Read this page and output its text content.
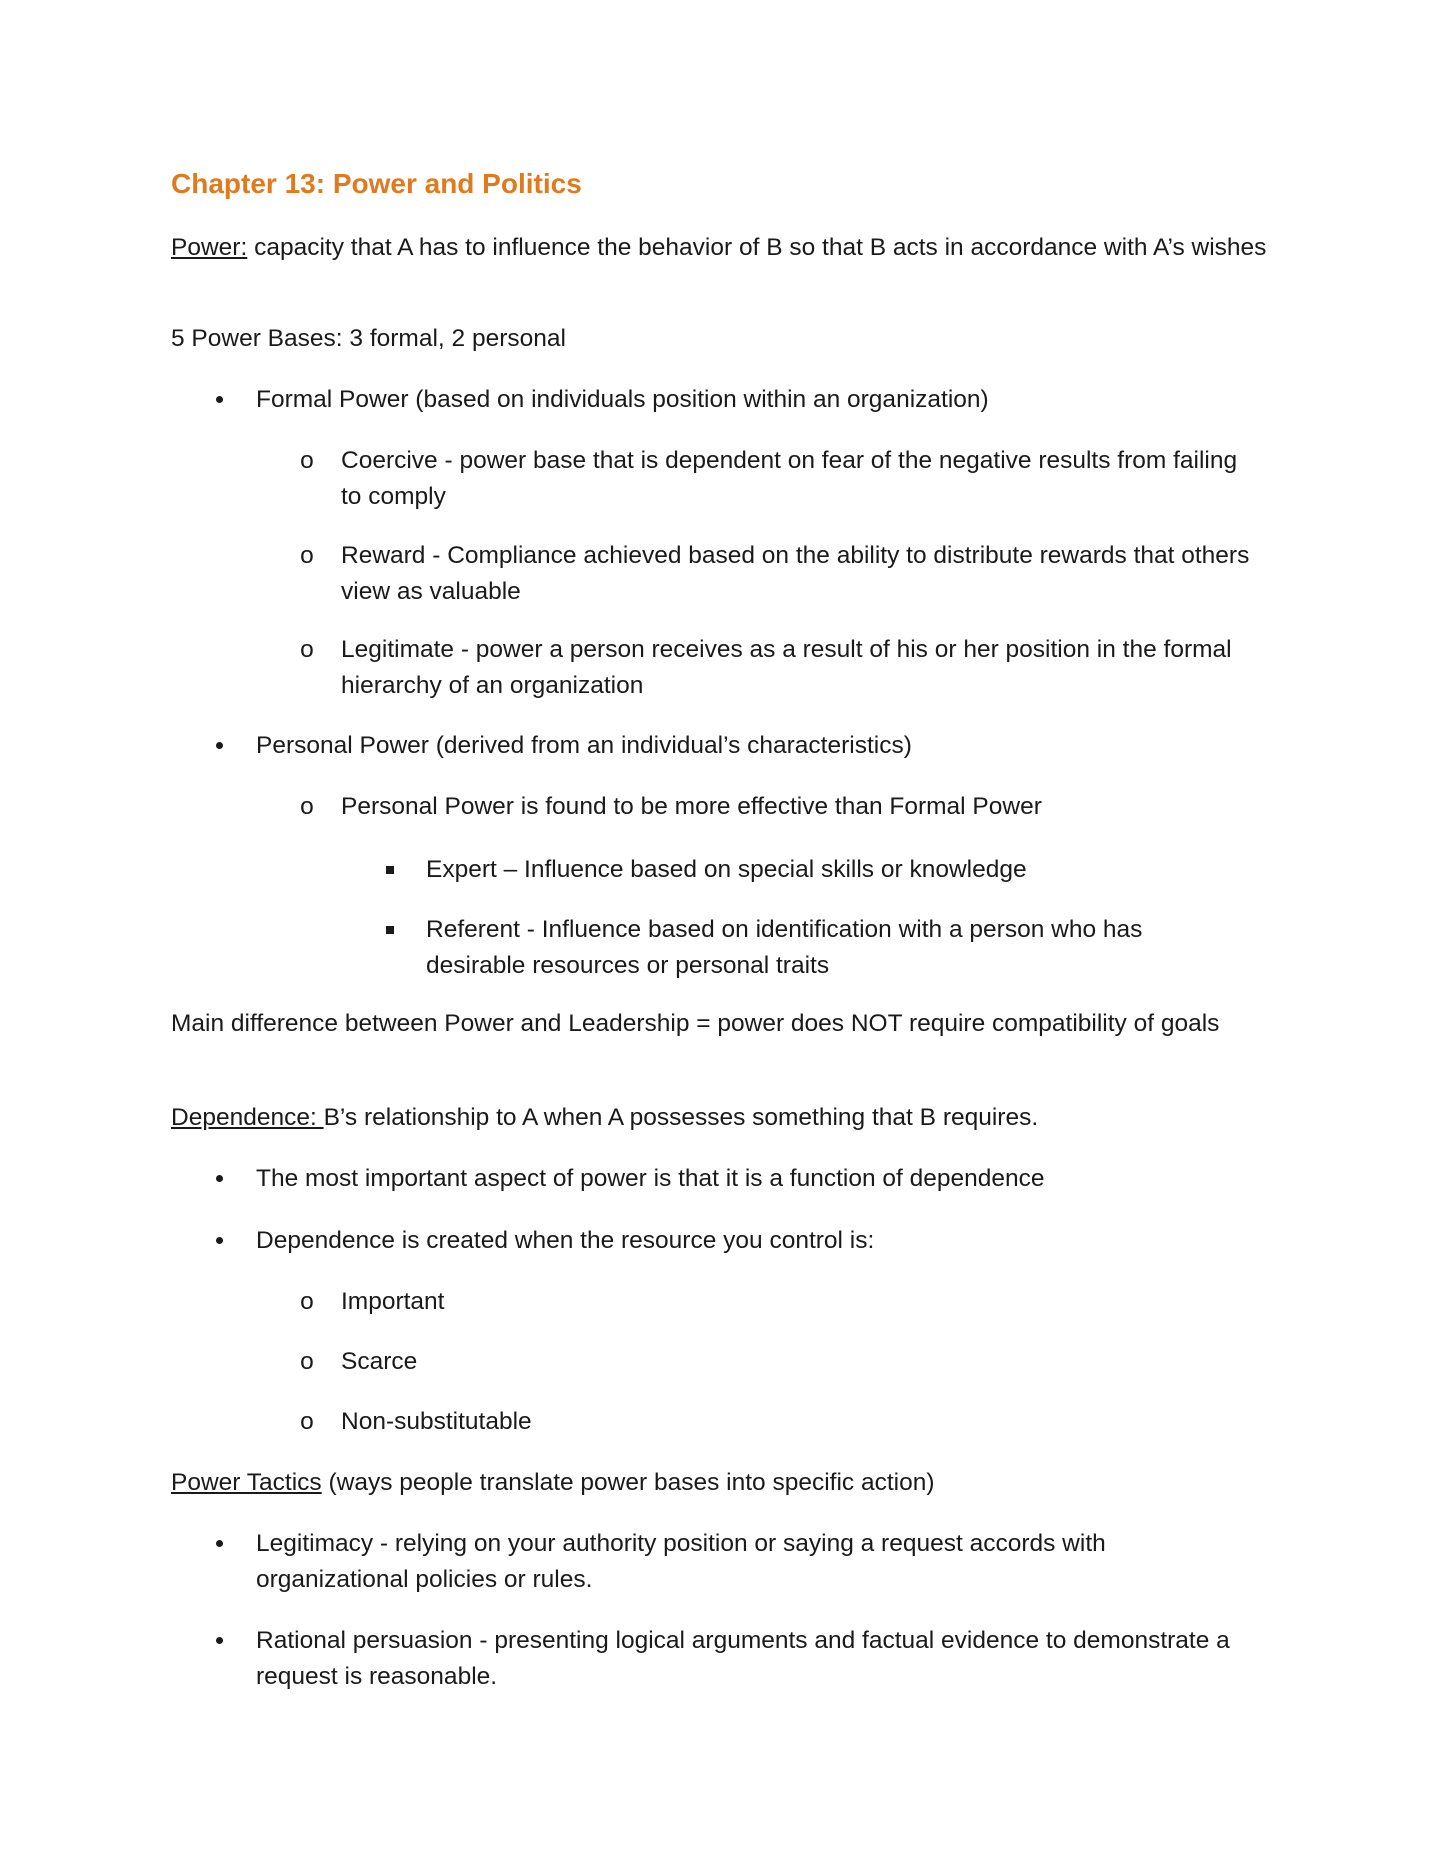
Chapter 13: Power and Politics
Power: capacity that A has to influence the behavior of B so that B acts in accordance with A’s wishes
5 Power Bases: 3 formal, 2 personal
Formal Power (based on individuals position within an organization)
o Coercive - power base that is dependent on fear of the negative results from failing to comply
o Reward - Compliance achieved based on the ability to distribute rewards that others view as valuable
o Legitimate - power a person receives as a result of his or her position in the formal hierarchy of an organization
Personal Power (derived from an individual’s characteristics)
o Personal Power is found to be more effective than Formal Power
Expert – Influence based on special skills or knowledge
Referent - Influence based on identification with a person who has desirable resources or personal traits
Main difference between Power and Leadership = power does NOT require compatibility of goals
Dependence: B’s relationship to A when A possesses something that B requires.
The most important aspect of power is that it is a function of dependence
Dependence is created when the resource you control is:
o Important
o Scarce
o Non-substitutable
Power Tactics (ways people translate power bases into specific action)
Legitimacy - relying on your authority position or saying a request accords with organizational policies or rules.
Rational persuasion - presenting logical arguments and factual evidence to demonstrate a request is reasonable.
